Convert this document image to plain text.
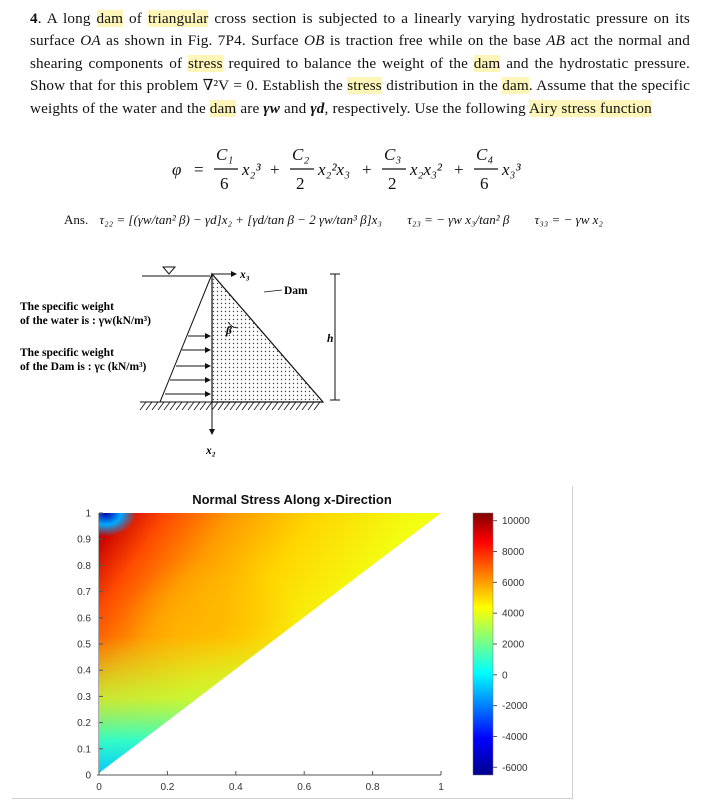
4. A long dam of triangular cross section is subjected to a linearly varying hydrostatic pressure on its surface OA as shown in Fig. 7P4. Surface OB is traction free while on the base AB act the normal and shearing components of stress required to balance the weight of the dam and the hydrostatic pressure. Show that for this problem ∇²V = 0. Establish the stress distribution in the dam. Assume that the specific weights of the water and the dam are γw and γd, respectively. Use the following Airy stress function
φ =
C₁
6
x₂³ +
C₂
2
x₂²x₃ +
C₃
2
x₂x₃² +
C₄
6
x₃³
Ans. τ₂₂ = [(γw/tan² β) − γd]x₂ + [γd/tan β − 2 γw/tan³ β]x₃ τ₂₃ = − γw x₃/tan² β τ₃₃ = − γw x₂
x₃
x₂
h
Dam
β
The specific weight
of the water is : γw(kN/m³)
The specific weight
of the Dam is : γc (kN/m³)
Normal Stress Along x-Direction
0
0.1
0.2
0.3
0.4
0.5
0.6
0.7
0.8
0.9
1
0	0.2	0.4	0.6	0.8	1
10000
8000
6000
4000
2000
0
-2000
-4000
-6000
